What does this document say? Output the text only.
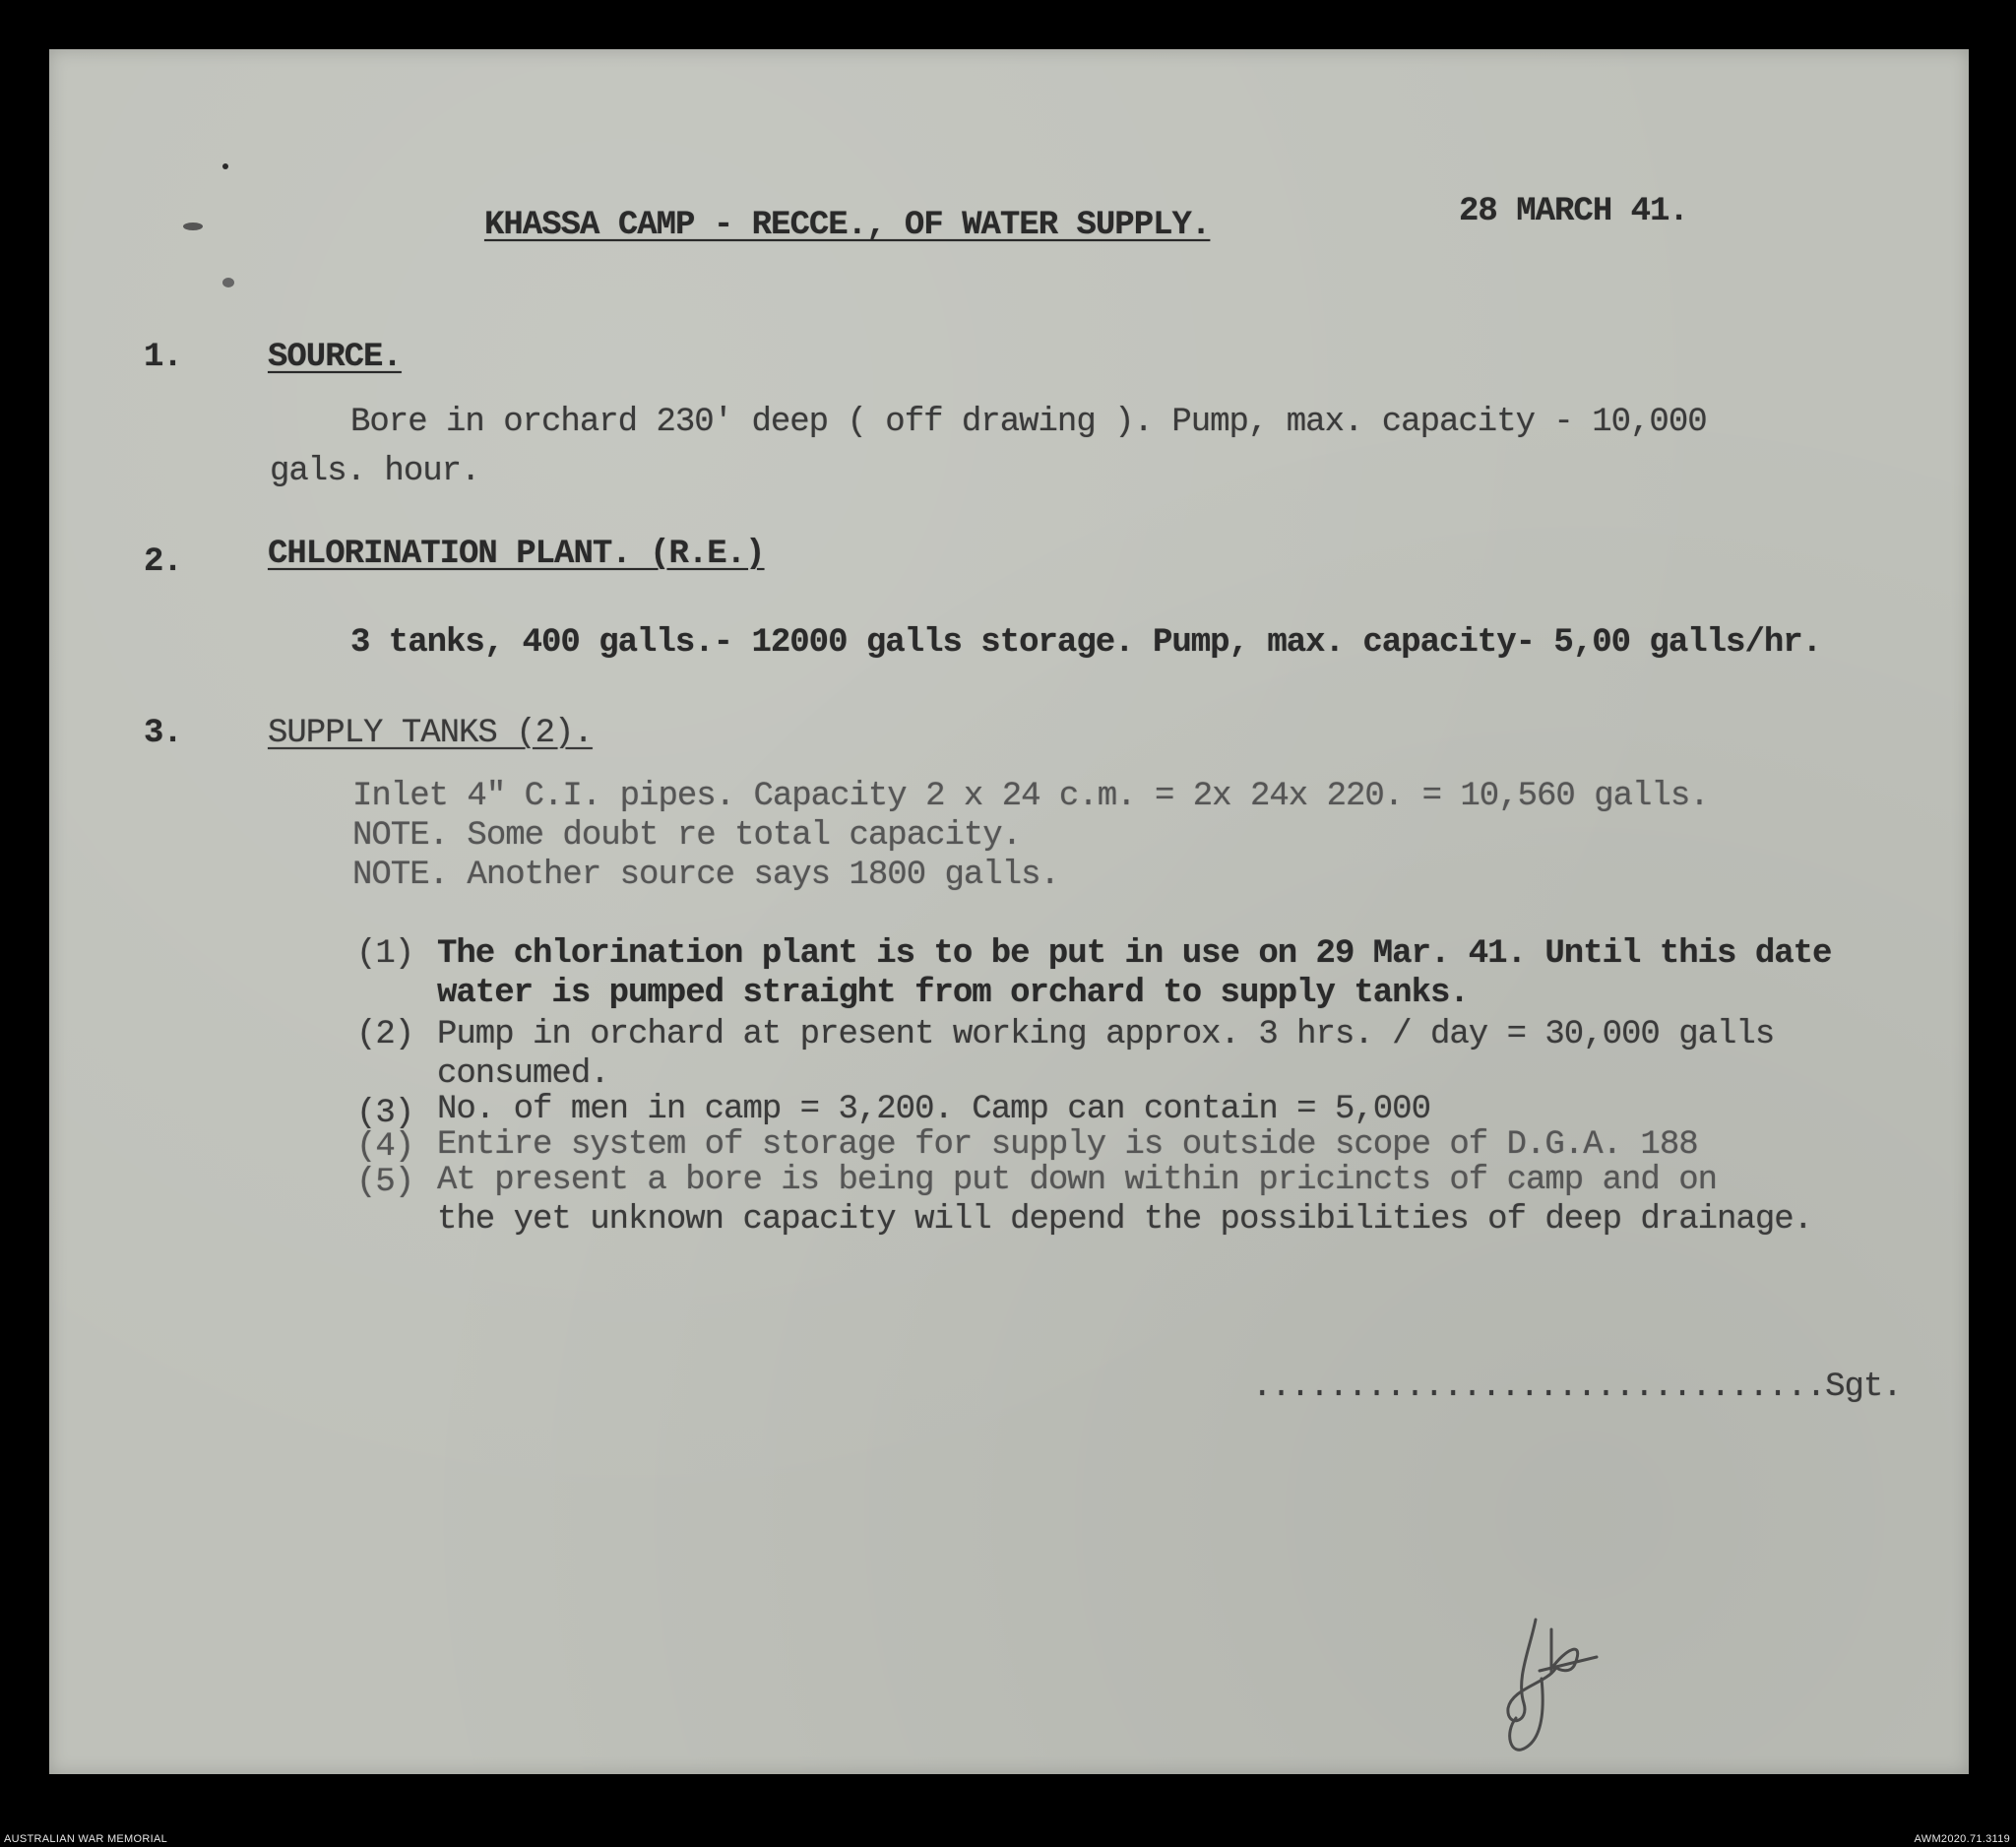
KHASSA CAMP - RECCE., OF WATER SUPPLY.	28 MARCH 41.
1.	SOURCE.
Bore in orchard 230' deep ( off drawing ). Pump, max. capacity - 10,000
gals. hour.
2.	CHLORINATION PLANT. (R.E.)
3 tanks, 400 galls.- 12000 galls storage. Pump, max. capacity- 5,00 galls/hr.
3.	SUPPLY TANKS (2).
Inlet 4" C.I. pipes. Capacity 2 x 24 c.m. = 2x 24x 220. = 10,560 galls.
NOTE. Some doubt re total capacity.
NOTE. Another source says 1800 galls.
(1) The chlorination plant is to be put in use on 29 Mar. 41. Until this date
water is pumped straight from orchard to supply tanks.
(2) Pump in orchard at present working approx. 3 hrs. / day = 30,000 galls
consumed.
(3) No. of men in camp = 3,200. Camp can contain = 5,000
(4) Entire system of storage for supply is outside scope of D.G.A. 188
(5) At present a bore is being put down within pricincts of camp and on
the yet unknown capacity will depend the possibilities of deep drainage.
..............................Sgt.
AUSTRALIAN WAR MEMORIAL	AWM2020.71.3119
